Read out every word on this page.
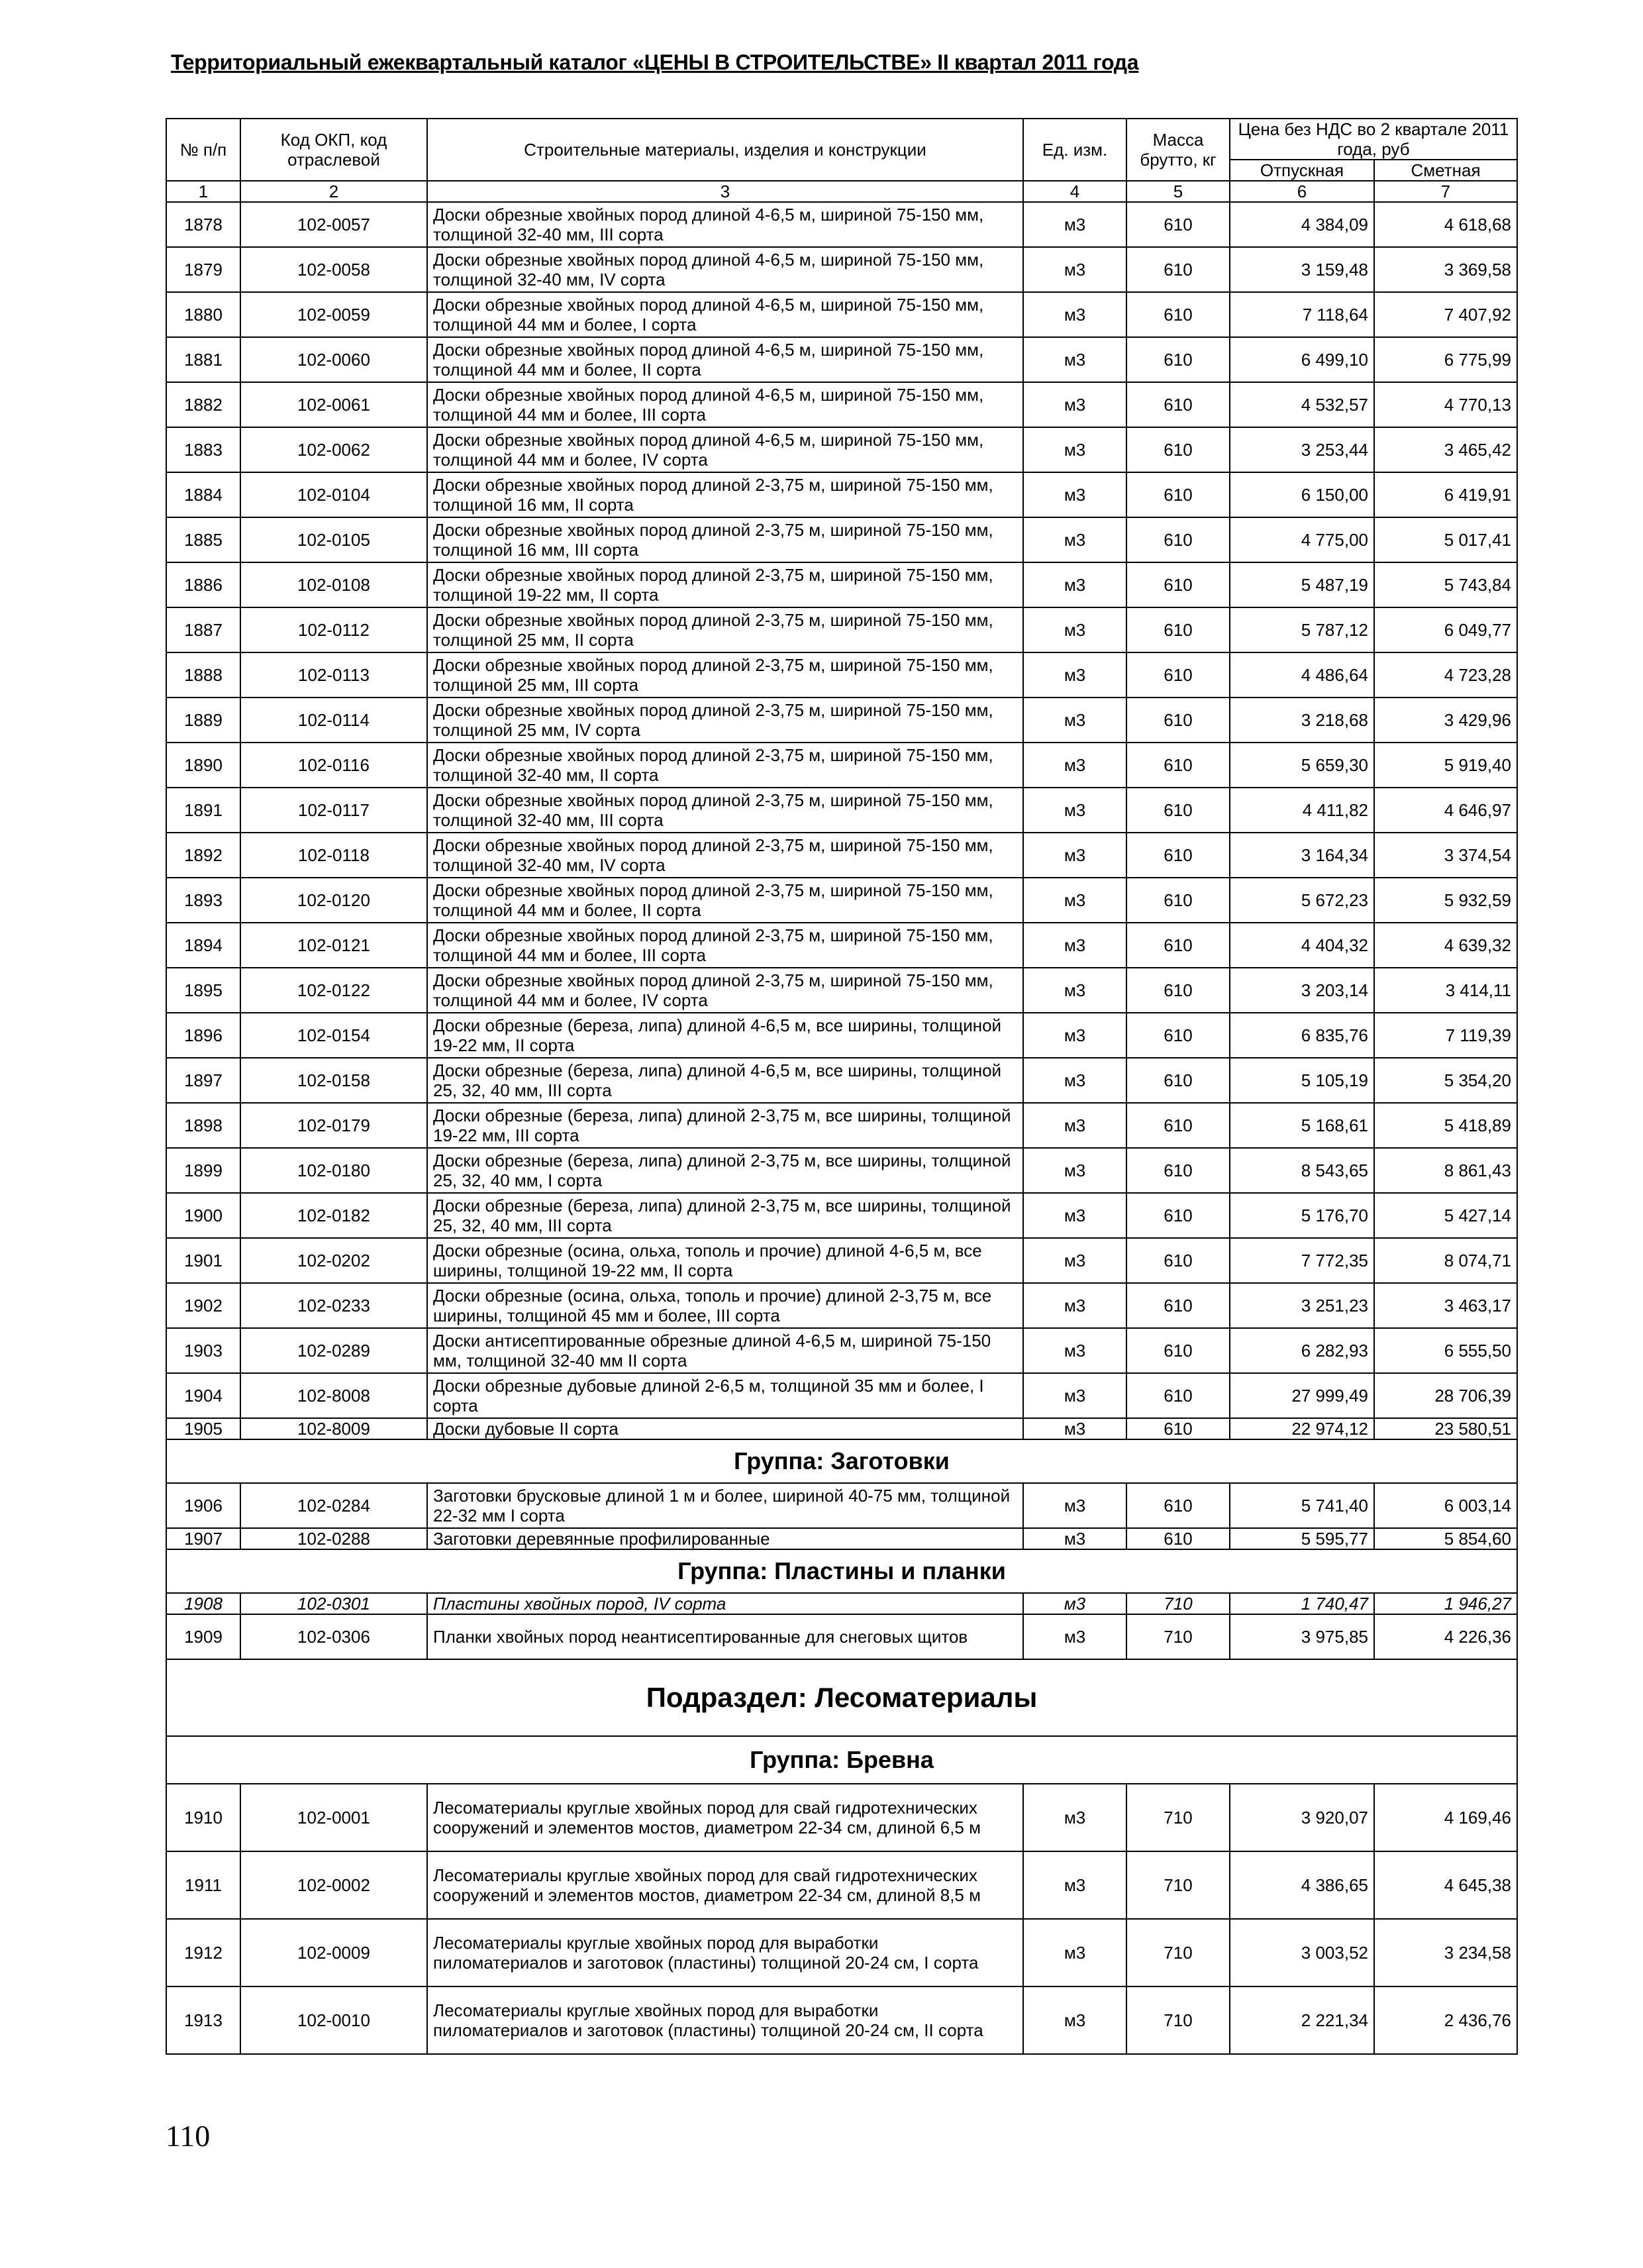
Территориальный ежеквартальный каталог «ЦЕНЫ В СТРОИТЕЛЬСТВЕ» II квартал 2011 года
№ п/п	Код ОКП, код отраслевой	Строительные материалы, изделия и конструкции	Ед. изм.	Масса брутто, кг	Цена без НДС во 2 квартале 2011 года, руб	
					Отпускная	Сметная
1	2	3	4	5	6	7
1878	102-0057	Доски обрезные хвойных пород длиной 4-6,5 м, шириной 75-150 мм, толщиной 32-40 мм, III сорта	м3	610	4 384,09	4 618,68
1879	102-0058	Доски обрезные хвойных пород длиной 4-6,5 м, шириной 75-150 мм, толщиной 32-40 мм, IV сорта	м3	610	3 159,48	3 369,58
1880	102-0059	Доски обрезные хвойных пород длиной 4-6,5 м, шириной 75-150 мм, толщиной 44 мм и более, I сорта	м3	610	7 118,64	7 407,92
1881	102-0060	Доски обрезные хвойных пород длиной 4-6,5 м, шириной 75-150 мм, толщиной 44 мм и более, II сорта	м3	610	6 499,10	6 775,99
1882	102-0061	Доски обрезные хвойных пород длиной 4-6,5 м, шириной 75-150 мм, толщиной 44 мм и более, III сорта	м3	610	4 532,57	4 770,13
1883	102-0062	Доски обрезные хвойных пород длиной 4-6,5 м, шириной 75-150 мм, толщиной 44 мм и более, IV сорта	м3	610	3 253,44	3 465,42
1884	102-0104	Доски обрезные хвойных пород длиной 2-3,75 м, шириной 75-150 мм, толщиной 16 мм, II сорта	м3	610	6 150,00	6 419,91
1885	102-0105	Доски обрезные хвойных пород длиной 2-3,75 м, шириной 75-150 мм, толщиной 16 мм, III сорта	м3	610	4 775,00	5 017,41
1886	102-0108	Доски обрезные хвойных пород длиной 2-3,75 м, шириной 75-150 мм, толщиной 19-22 мм, II сорта	м3	610	5 487,19	5 743,84
1887	102-0112	Доски обрезные хвойных пород длиной 2-3,75 м, шириной 75-150 мм, толщиной 25 мм, II сорта	м3	610	5 787,12	6 049,77
1888	102-0113	Доски обрезные хвойных пород длиной 2-3,75 м, шириной 75-150 мм, толщиной 25 мм, III сорта	м3	610	4 486,64	4 723,28
1889	102-0114	Доски обрезные хвойных пород длиной 2-3,75 м, шириной 75-150 мм, толщиной 25 мм, IV сорта	м3	610	3 218,68	3 429,96
1890	102-0116	Доски обрезные хвойных пород длиной 2-3,75 м, шириной 75-150 мм, толщиной 32-40 мм, II сорта	м3	610	5 659,30	5 919,40
1891	102-0117	Доски обрезные хвойных пород длиной 2-3,75 м, шириной 75-150 мм, толщиной 32-40 мм, III сорта	м3	610	4 411,82	4 646,97
1892	102-0118	Доски обрезные хвойных пород длиной 2-3,75 м, шириной 75-150 мм, толщиной 32-40 мм, IV сорта	м3	610	3 164,34	3 374,54
1893	102-0120	Доски обрезные хвойных пород длиной 2-3,75 м, шириной 75-150 мм, толщиной 44 мм и более, II сорта	м3	610	5 672,23	5 932,59
1894	102-0121	Доски обрезные хвойных пород длиной 2-3,75 м, шириной 75-150 мм, толщиной 44 мм и более, III сорта	м3	610	4 404,32	4 639,32
1895	102-0122	Доски обрезные хвойных пород длиной 2-3,75 м, шириной 75-150 мм, толщиной 44 мм и более, IV сорта	м3	610	3 203,14	3 414,11
1896	102-0154	Доски обрезные (береза, липа) длиной 4-6,5 м, все ширины, толщиной 19-22 мм, II сорта	м3	610	6 835,76	7 119,39
1897	102-0158	Доски обрезные (береза, липа) длиной 4-6,5 м, все ширины, толщиной 25, 32, 40 мм, III сорта	м3	610	5 105,19	5 354,20
1898	102-0179	Доски обрезные (береза, липа) длиной 2-3,75 м, все ширины, толщиной 19-22 мм, III сорта	м3	610	5 168,61	5 418,89
1899	102-0180	Доски обрезные (береза, липа) длиной 2-3,75 м, все ширины, толщиной 25, 32, 40 мм, I сорта	м3	610	8 543,65	8 861,43
1900	102-0182	Доски обрезные (береза, липа) длиной 2-3,75 м, все ширины, толщиной 25, 32, 40 мм, III сорта	м3	610	5 176,70	5 427,14
1901	102-0202	Доски обрезные (осина, ольха, тополь и прочие) длиной 4-6,5 м, все ширины, толщиной 19-22 мм, II сорта	м3	610	7 772,35	8 074,71
1902	102-0233	Доски обрезные (осина, ольха, тополь и прочие) длиной 2-3,75 м, все ширины, толщиной 45 мм и более, III сорта	м3	610	3 251,23	3 463,17
1903	102-0289	Доски антисептированные обрезные длиной 4-6,5 м, шириной 75-150 мм, толщиной 32-40 мм II сорта	м3	610	6 282,93	6 555,50
1904	102-8008	Доски обрезные дубовые длиной 2-6,5 м, толщиной 35 мм и более, I сорта	м3	610	27 999,49	28 706,39
1905	102-8009	Доски дубовые II сорта	м3	610	22 974,12	23 580,51
Группа: Заготовки						
1906	102-0284	Заготовки брусковые длиной 1 м и более, шириной 40-75 мм, толщиной 22-32 мм I сорта	м3	610	5 741,40	6 003,14
1907	102-0288	Заготовки деревянные профилированные	м3	610	5 595,77	5 854,60
Группа: Пластины и планки						
1908	102-0301	Пластины хвойных пород, IV сорта	м3	710	1 740,47	1 946,27
1909	102-0306	Планки хвойных пород неантисептированные для снеговых щитов	м3	710	3 975,85	4 226,36
Подраздел: Лесоматериалы						
Группа: Бревна						
1910	102-0001	Лесоматериалы круглые хвойных пород для свай гидротехнических сооружений и элементов мостов, диаметром 22-34 см, длиной 6,5 м	м3	710	3 920,07	4 169,46
1911	102-0002	Лесоматериалы круглые хвойных пород для свай гидротехнических сооружений и элементов мостов, диаметром 22-34 см, длиной 8,5 м	м3	710	4 386,65	4 645,38
1912	102-0009	Лесоматериалы круглые хвойных пород для выработки пиломатериалов и заготовок (пластины) толщиной 20-24 см, I сорта	м3	710	3 003,52	3 234,58
1913	102-0010	Лесоматериалы круглые хвойных пород для выработки пиломатериалов и заготовок (пластины) толщиной 20-24 см, II сорта	м3	710	2 221,34	2 436,76
110
